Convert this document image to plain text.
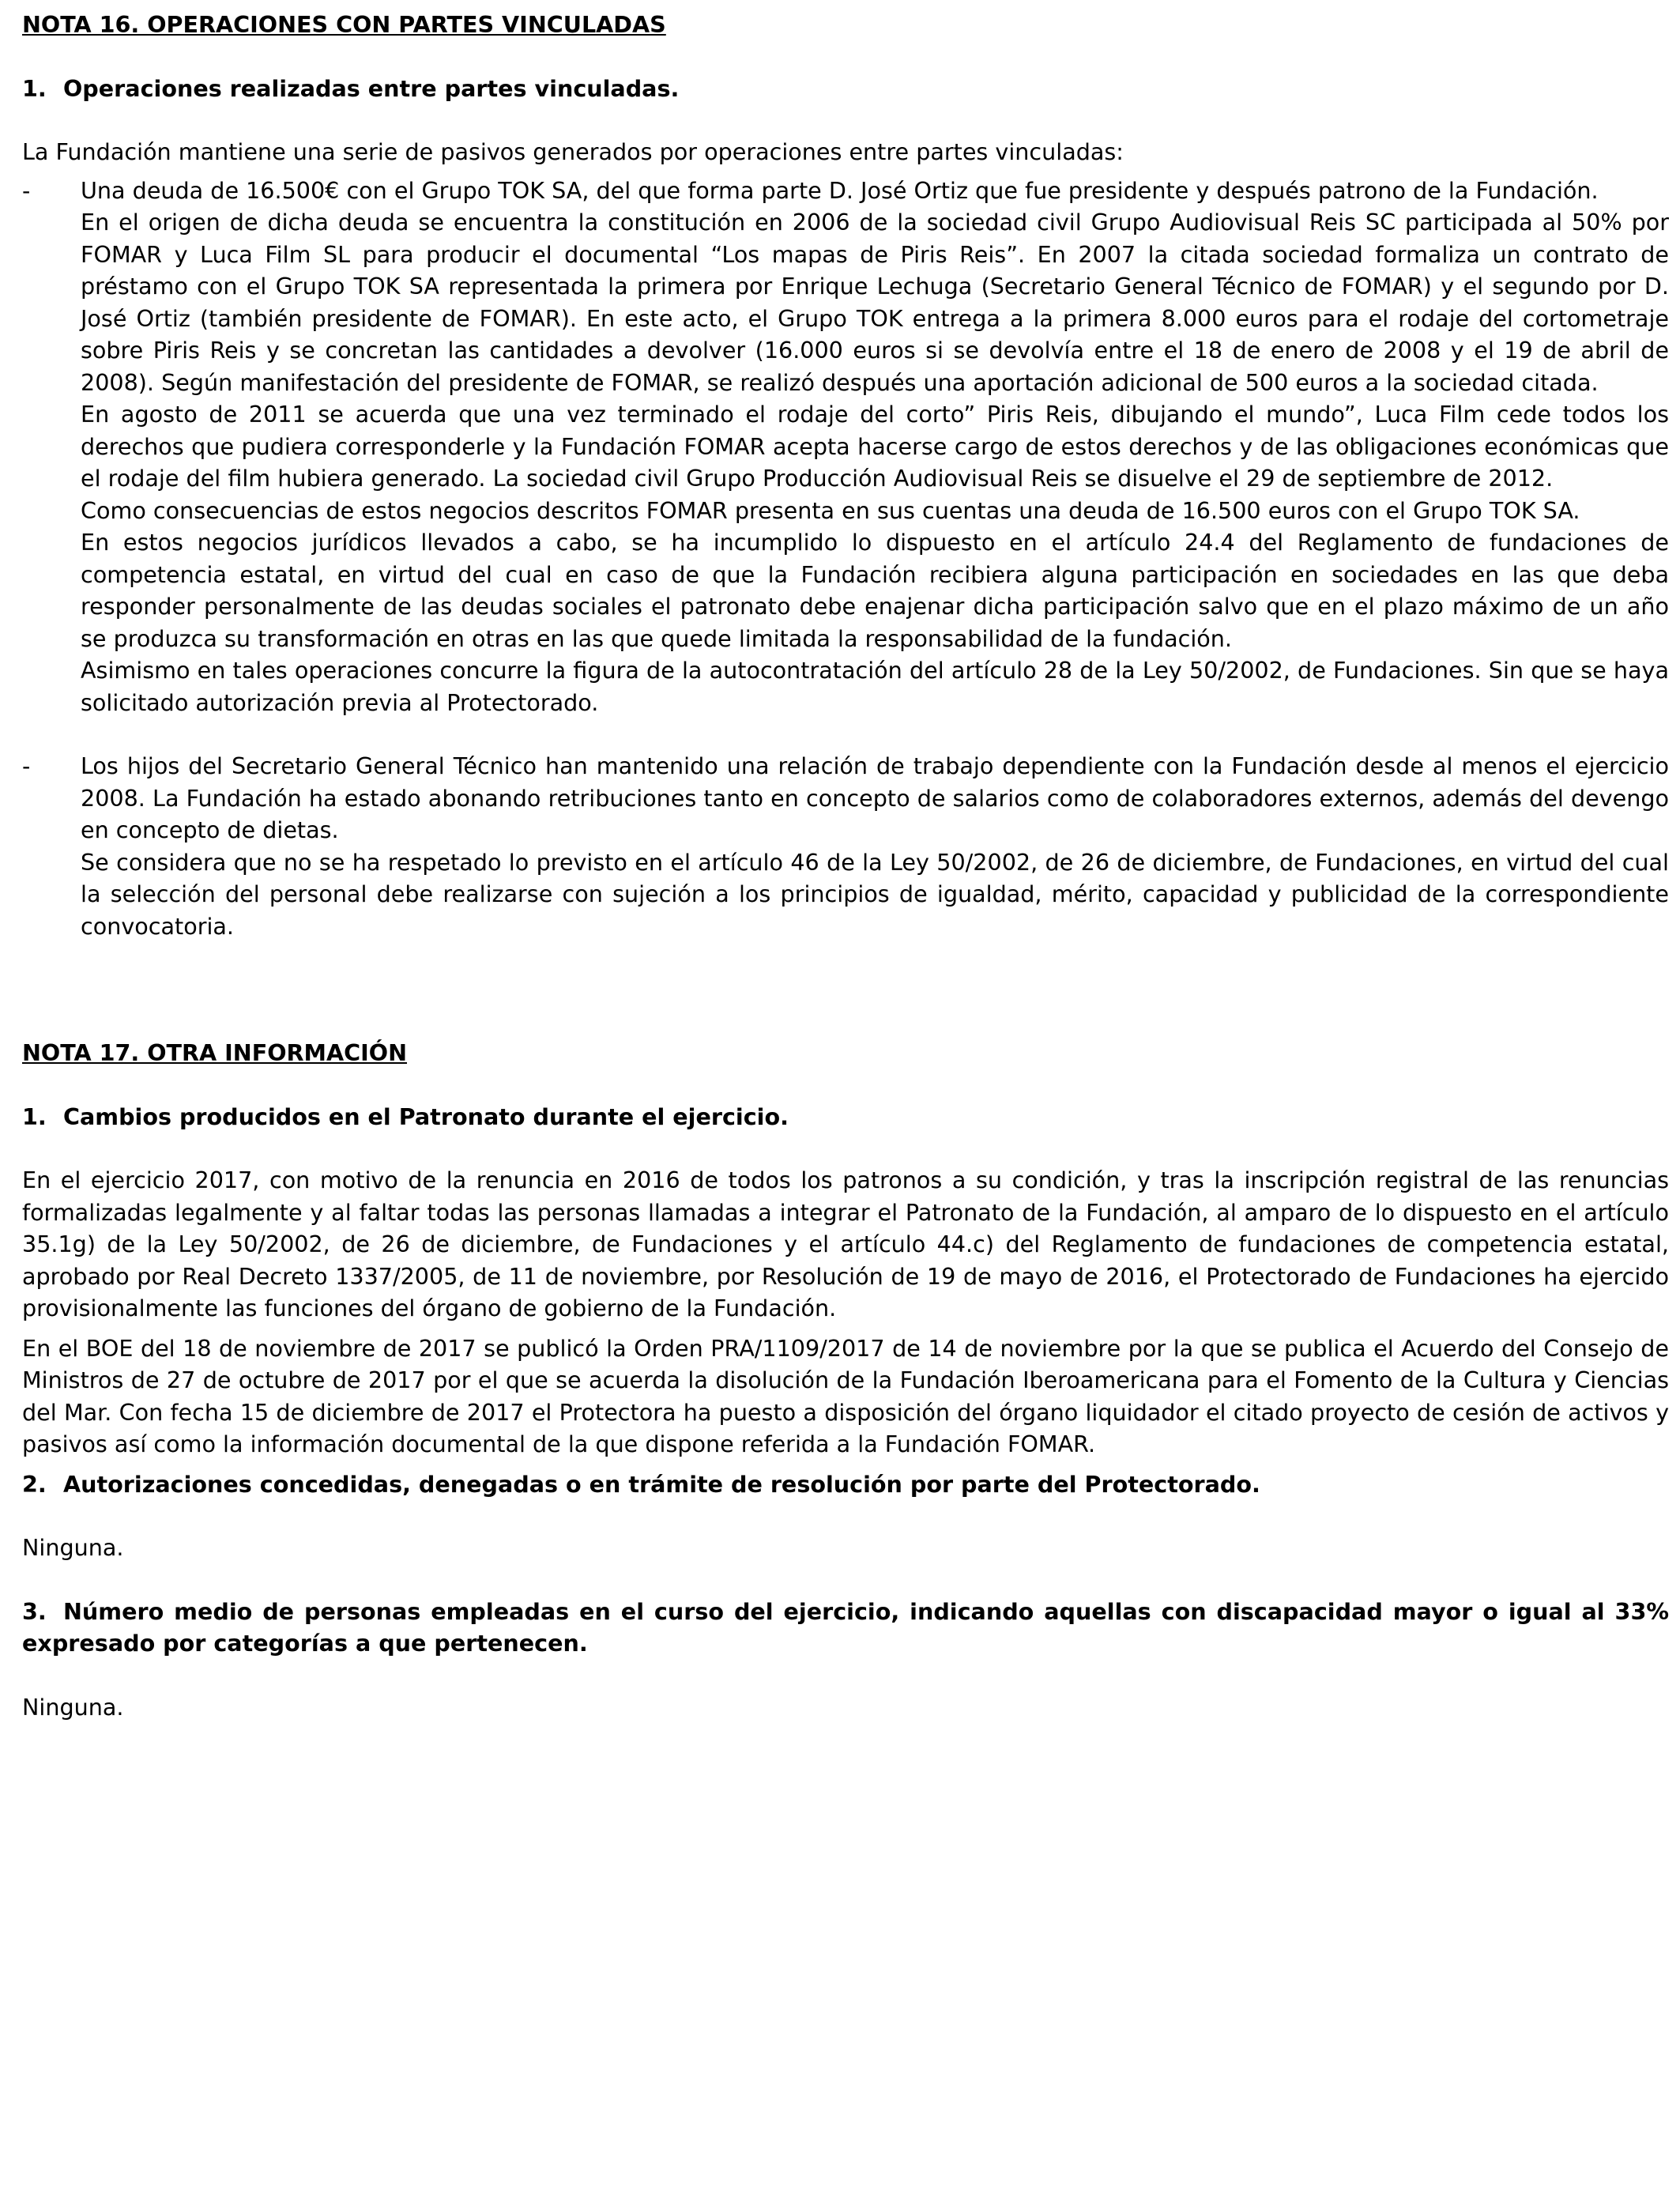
NOTA 16. OPERACIONES CON PARTES VINCULADAS
1. Operaciones realizadas entre partes vinculadas.

La Fundación mantiene una serie de pasivos generados por operaciones entre partes vinculadas:

- Una deuda de 16.500€ con el Grupo TOK SA, del que forma parte D. José Ortiz que fue presidente y después patrono de la Fundación.

En el origen de dicha deuda se encuentra la constitución en 2006 de la sociedad civil Grupo Audiovisual Reis SC participada al 50% por FOMAR y Luca Film SL para producir el documental “Los mapas de Piris Reis”. En 2007 la citada sociedad formaliza un contrato de préstamo con el Grupo TOK SA representada la primera por Enrique Lechuga (Secretario General Técnico de FOMAR) y el segundo por D. José Ortiz (también presidente de FOMAR). En este acto, el Grupo TOK entrega a la primera 8.000 euros para el rodaje del cortometraje sobre Piris Reis y se concretan las cantidades a devolver (16.000 euros si se devolvía entre el 18 de enero de 2008 y el 19 de abril de 2008). Según manifestación del presidente de FOMAR, se realizó después una aportación adicional de 500 euros a la sociedad citada.

En agosto de 2011 se acuerda que una vez terminado el rodaje del corto” Piris Reis, dibujando el mundo”, Luca Film cede todos los derechos que pudiera corresponderle y la Fundación FOMAR acepta hacerse cargo de estos derechos y de las obligaciones económicas que el rodaje del film hubiera generado. La sociedad civil Grupo Producción Audiovisual Reis se disuelve el 29 de septiembre de 2012.

Como consecuencias de estos negocios descritos FOMAR presenta en sus cuentas una deuda de 16.500 euros con el Grupo TOK SA.

En estos negocios jurídicos llevados a cabo, se ha incumplido lo dispuesto en el artículo 24.4 del Reglamento de fundaciones de competencia estatal, en virtud del cual en caso de que la Fundación recibiera alguna participación en sociedades en las que deba responder personalmente de las deudas sociales el patronato debe enajenar dicha participación salvo que en el plazo máximo de un año se produzca su transformación en otras en las que quede limitada la responsabilidad de la fundación.

Asimismo en tales operaciones concurre la figura de la autocontratación del artículo 28 de la Ley 50/2002, de Fundaciones. Sin que se haya solicitado autorización previa al Protectorado.

- Los hijos del Secretario General Técnico han mantenido una relación de trabajo dependiente con la Fundación desde al menos el ejercicio 2008. La Fundación ha estado abonando retribuciones tanto en concepto de salarios como de colaboradores externos, además del devengo en concepto de dietas.

Se considera que no se ha respetado lo previsto en el artículo 46 de la Ley 50/2002, de 26 de diciembre, de Fundaciones, en virtud del cual la selección del personal debe realizarse con sujeción a los principios de igualdad, mérito, capacidad y publicidad de la correspondiente convocatoria.

NOTA 17. OTRA INFORMACIÓN
1. Cambios producidos en el Patronato durante el ejercicio.

En el ejercicio 2017, con motivo de la renuncia en 2016 de todos los patronos a su condición, y tras la inscripción registral de las renuncias formalizadas legalmente y al faltar todas las personas llamadas a integrar el Patronato de la Fundación, al amparo de lo dispuesto en el artículo 35.1g) de la Ley 50/2002, de 26 de diciembre, de Fundaciones y el artículo 44.c) del Reglamento de fundaciones de competencia estatal, aprobado por Real Decreto 1337/2005, de 11 de noviembre, por Resolución de 19 de mayo de 2016, el Protectorado de Fundaciones ha ejercido provisionalmente las funciones del órgano de gobierno de la Fundación.

En el BOE del 18 de noviembre de 2017 se publicó la Orden PRA/1109/2017 de 14 de noviembre por la que se publica el Acuerdo del Consejo de Ministros de 27 de octubre de 2017 por el que se acuerda la disolución de la Fundación Iberoamericana para el Fomento de la Cultura y Ciencias del Mar. Con fecha 15 de diciembre de 2017 el Protectora ha puesto a disposición del órgano liquidador el citado proyecto de cesión de activos y pasivos así como la información documental de la que dispone referida a la Fundación FOMAR.

2. Autorizaciones concedidas, denegadas o en trámite de resolución por parte del Protectorado.

Ninguna.

3. Número medio de personas empleadas en el curso del ejercicio, indicando aquellas con discapacidad mayor o igual al 33% expresado por categorías a que pertenecen.

Ninguna.
